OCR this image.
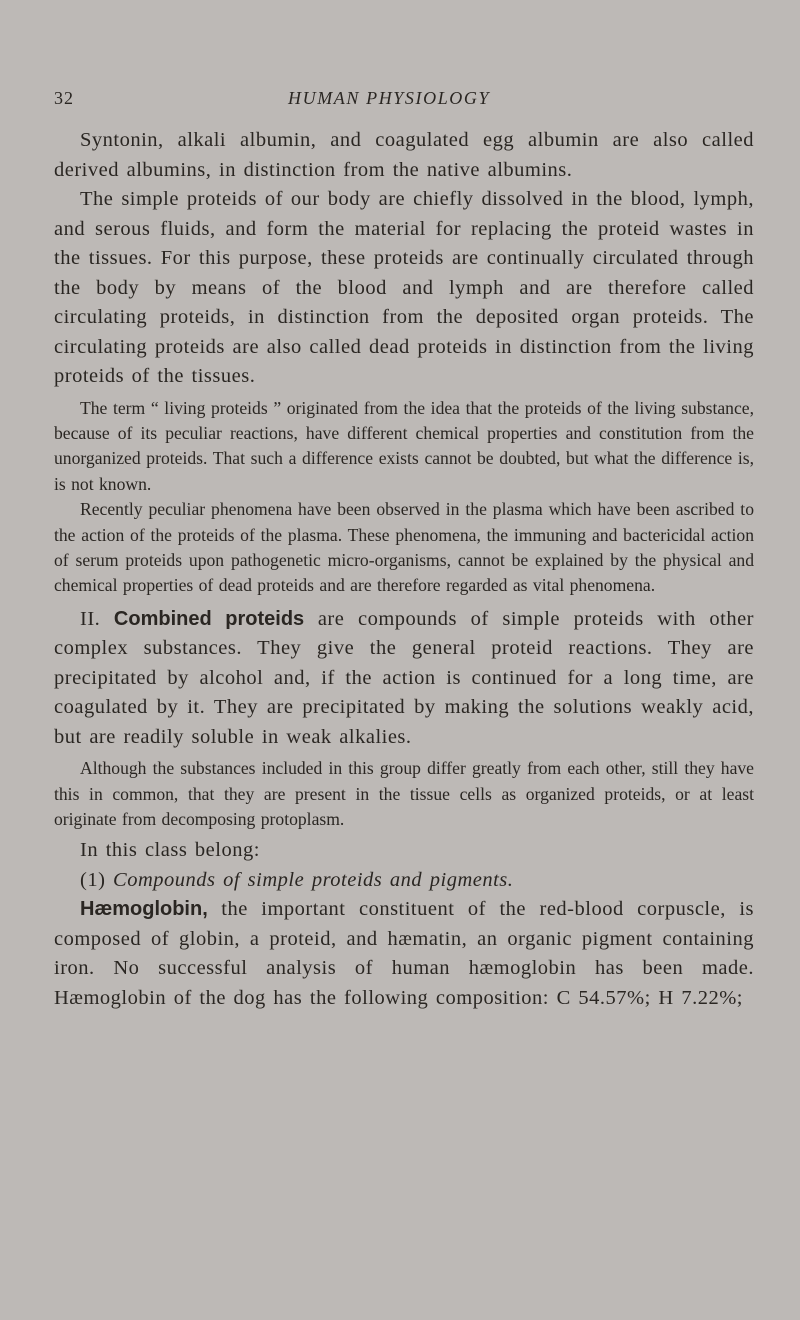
32	HUMAN PHYSIOLOGY

Syntonin, alkali albumin, and coagulated egg albumin are also called derived albumins, in distinction from the native albumins.

The simple proteids of our body are chiefly dissolved in the blood, lymph, and serous fluids, and form the material for replacing the proteid wastes in the tissues. For this purpose, these proteids are continually circulated through the body by means of the blood and lymph and are therefore called circulating proteids, in distinction from the deposited organ proteids. The circulating proteids are also called dead proteids in distinction from the living proteids of the tissues.

The term “ living proteids ” originated from the idea that the proteids of the living substance, because of its peculiar reactions, have different chemical properties and constitution from the unorganized proteids. That such a difference exists cannot be doubted, but what the difference is, is not known.

Recently peculiar phenomena have been observed in the plasma which have been ascribed to the action of the proteids of the plasma. These phenomena, the immuning and bactericidal action of serum proteids upon pathogenetic micro-organisms, cannot be explained by the physical and chemical properties of dead proteids and are therefore regarded as vital phenomena.

II. Combined proteids are compounds of simple proteids with other complex substances. They give the general proteid reactions. They are precipitated by alcohol and, if the action is continued for a long time, are coagulated by it. They are precipitated by making the solutions weakly acid, but are readily soluble in weak alkalies.

Although the substances included in this group differ greatly from each other, still they have this in common, that they are present in the tissue cells as organized proteids, or at least originate from decomposing protoplasm.

In this class belong:

(1) Compounds of simple proteids and pigments.

Hæmoglobin, the important constituent of the red-blood corpuscle, is composed of globin, a proteid, and hæmatin, an organic pigment containing iron. No successful analysis of human hæmoglobin has been made. Hæmoglobin of the dog has the following composition: C 54.57%; H 7.22%;
